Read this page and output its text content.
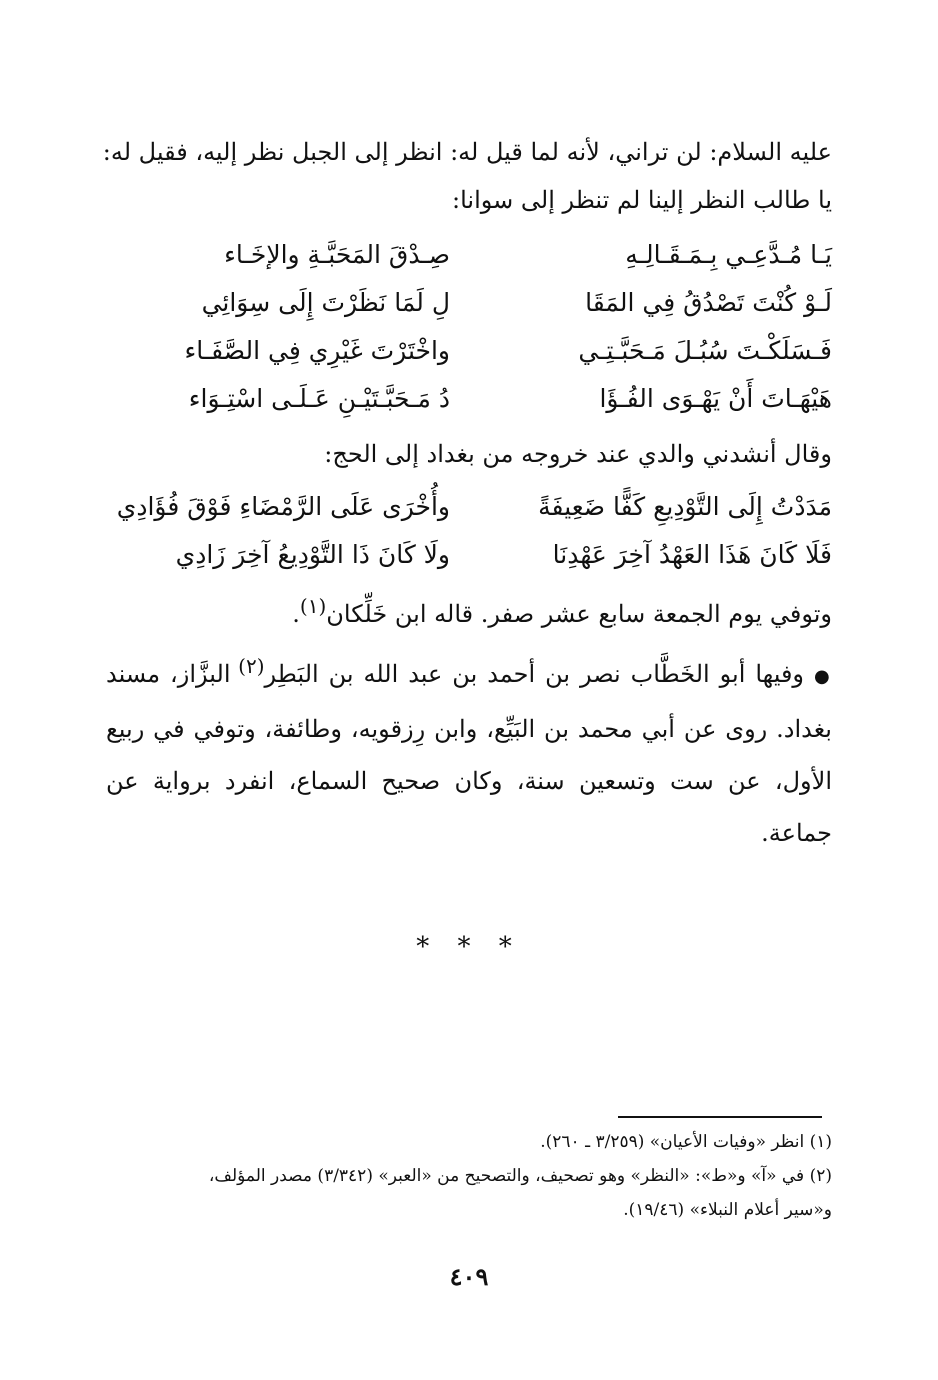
عليه السلام: لن تراني، لأنه لما قيل له: انظر إلى الجبل نظر إليه، فقيل له:
يا طالب النظر إلينا لم تنظر إلى سوانا:
يَـا مُـدَّعِـي بِـمَـقَـالِـهِ
صِـدْقَ المَحَبَّـةِ والإخَـاء
لَـوْ كُنْتَ تَصْدُقُ فِي المَقَا
لِ لَمَا نَظَرْتَ إِلَى سِوَائِي
فَـسَلَكْـتَ سُبُـلَ مَـحَبَّـتِـي
واخْتَرْتَ غَيْرِي فِي الصَّفَـاء
هَيْهَـاتَ أَنْ يَهْـوَى الفُـؤَا
دُ مَـحَبَّـتَيْـنِ عَـلَـى اسْتِـوَاء
وقال أنشدني والدي عند خروجه من بغداد إلى الحج:
مَدَدْتُ إِلَى التَّوْدِيعِ كَفًّا ضَعِيفَةً
وأُخْرَى عَلَى الرَّمْضَاءِ فَوْقَ فُؤَادِي
فَلَا كَانَ هَذَا العَهْدُ آخِرَ عَهْدِنَا
ولَا كَانَ ذَا التَّوْدِيعُ آخِرَ زَادِي
وتوفي يوم الجمعة سابع عشر صفر. قاله ابن خَلِّكان$^{(١)}$.
● وفيها أبو الخَطَّاب نصر بن أحمد بن عبد الله بن البَطِر$^{(٢)}$ البزَّاز، مسند بغداد. روى عن أبي محمد بن البَيِّع، وابن رِزقويه، وطائفة، وتوفي في ربيع الأول، عن ست وتسعين سنة، وكان صحيح السماع، انفرد برواية عن جماعة.
* * *
(١) انظر «وفيات الأعيان» (٣/٢٥٩ ـ ٢٦٠).
(٢) في «آ» و«ط»: «النظر» وهو تصحيف، والتصحيح من «العبر» (٣/٣٤٢) مصدر المؤلف،
و«سير أعلام النبلاء» (١٩/٤٦).
٤٠٩
